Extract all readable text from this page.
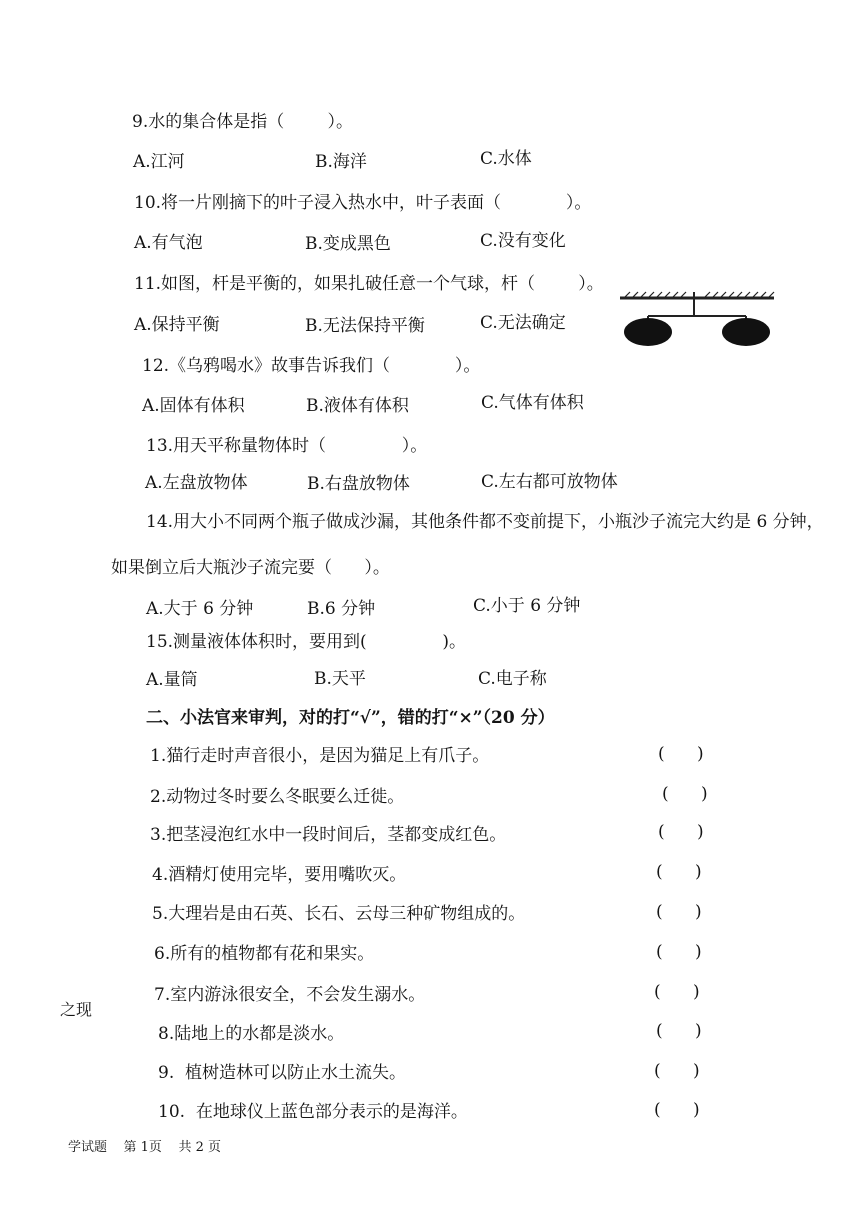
9.水的集合体是指（        ）。
A.江河	B.海洋	C.水体
10.将一片刚摘下的叶子浸入热水中，叶子表面（            ）。
A.有气泡	B.变成黑色	C.没有变化
11.如图，杆是平衡的，如果扎破任意一个气球，杆（        ）。
A.保持平衡	B.无法保持平衡	C.无法确定
12.《乌鸦喝水》故事告诉我们（            ）。
A.固体有体积	B.液体有体积	C.气体有体积
13.用天平称量物体时（              ）。
A.左盘放物体	B.右盘放物体	C.左右都可放物体
14.用大小不同两个瓶子做成沙漏，其他条件都不变前提下，小瓶沙子流完大约是 6 分钟，
如果倒立后大瓶沙子流完要（      ）。
A.大于 6 分钟	B.6 分钟	C.小于 6 分钟
15.测量液体体积时，要用到(              )。
A.量筒	B.天平	C.电子称
二、小法官来审判，对的打“√”，错的打“×”（20 分）
1.猫行走时声音很小，是因为猫足上有爪子。	(      )
2.动物过冬时要么冬眠要么迁徙。	(      )
3.把茎浸泡红水中一段时间后，茎都变成红色。	(      )
4.酒精灯使用完毕，要用嘴吹灭。	(      )
5.大理岩是由石英、长石、云母三种矿物组成的。	(      )
6.所有的植物都有花和果实。	(      )
之现
7.室内游泳很安全，不会发生溺水。	(      )
8.陆地上的水都是淡水。	(      )
9.  植树造林可以防止水土流失。	(      )
10.  在地球仪上蓝色部分表示的是海洋。	(      )
学试题    第 1页    共 2 页
